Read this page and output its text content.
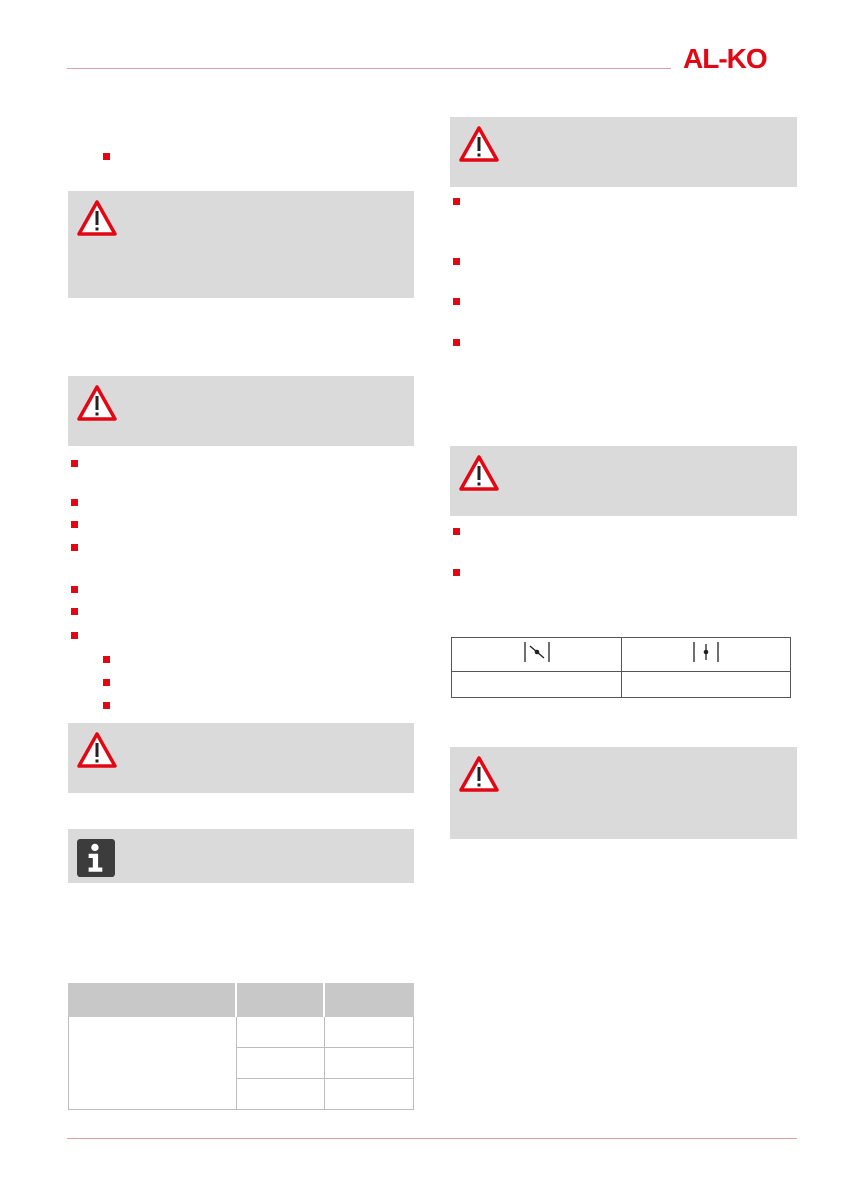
AL-KO
